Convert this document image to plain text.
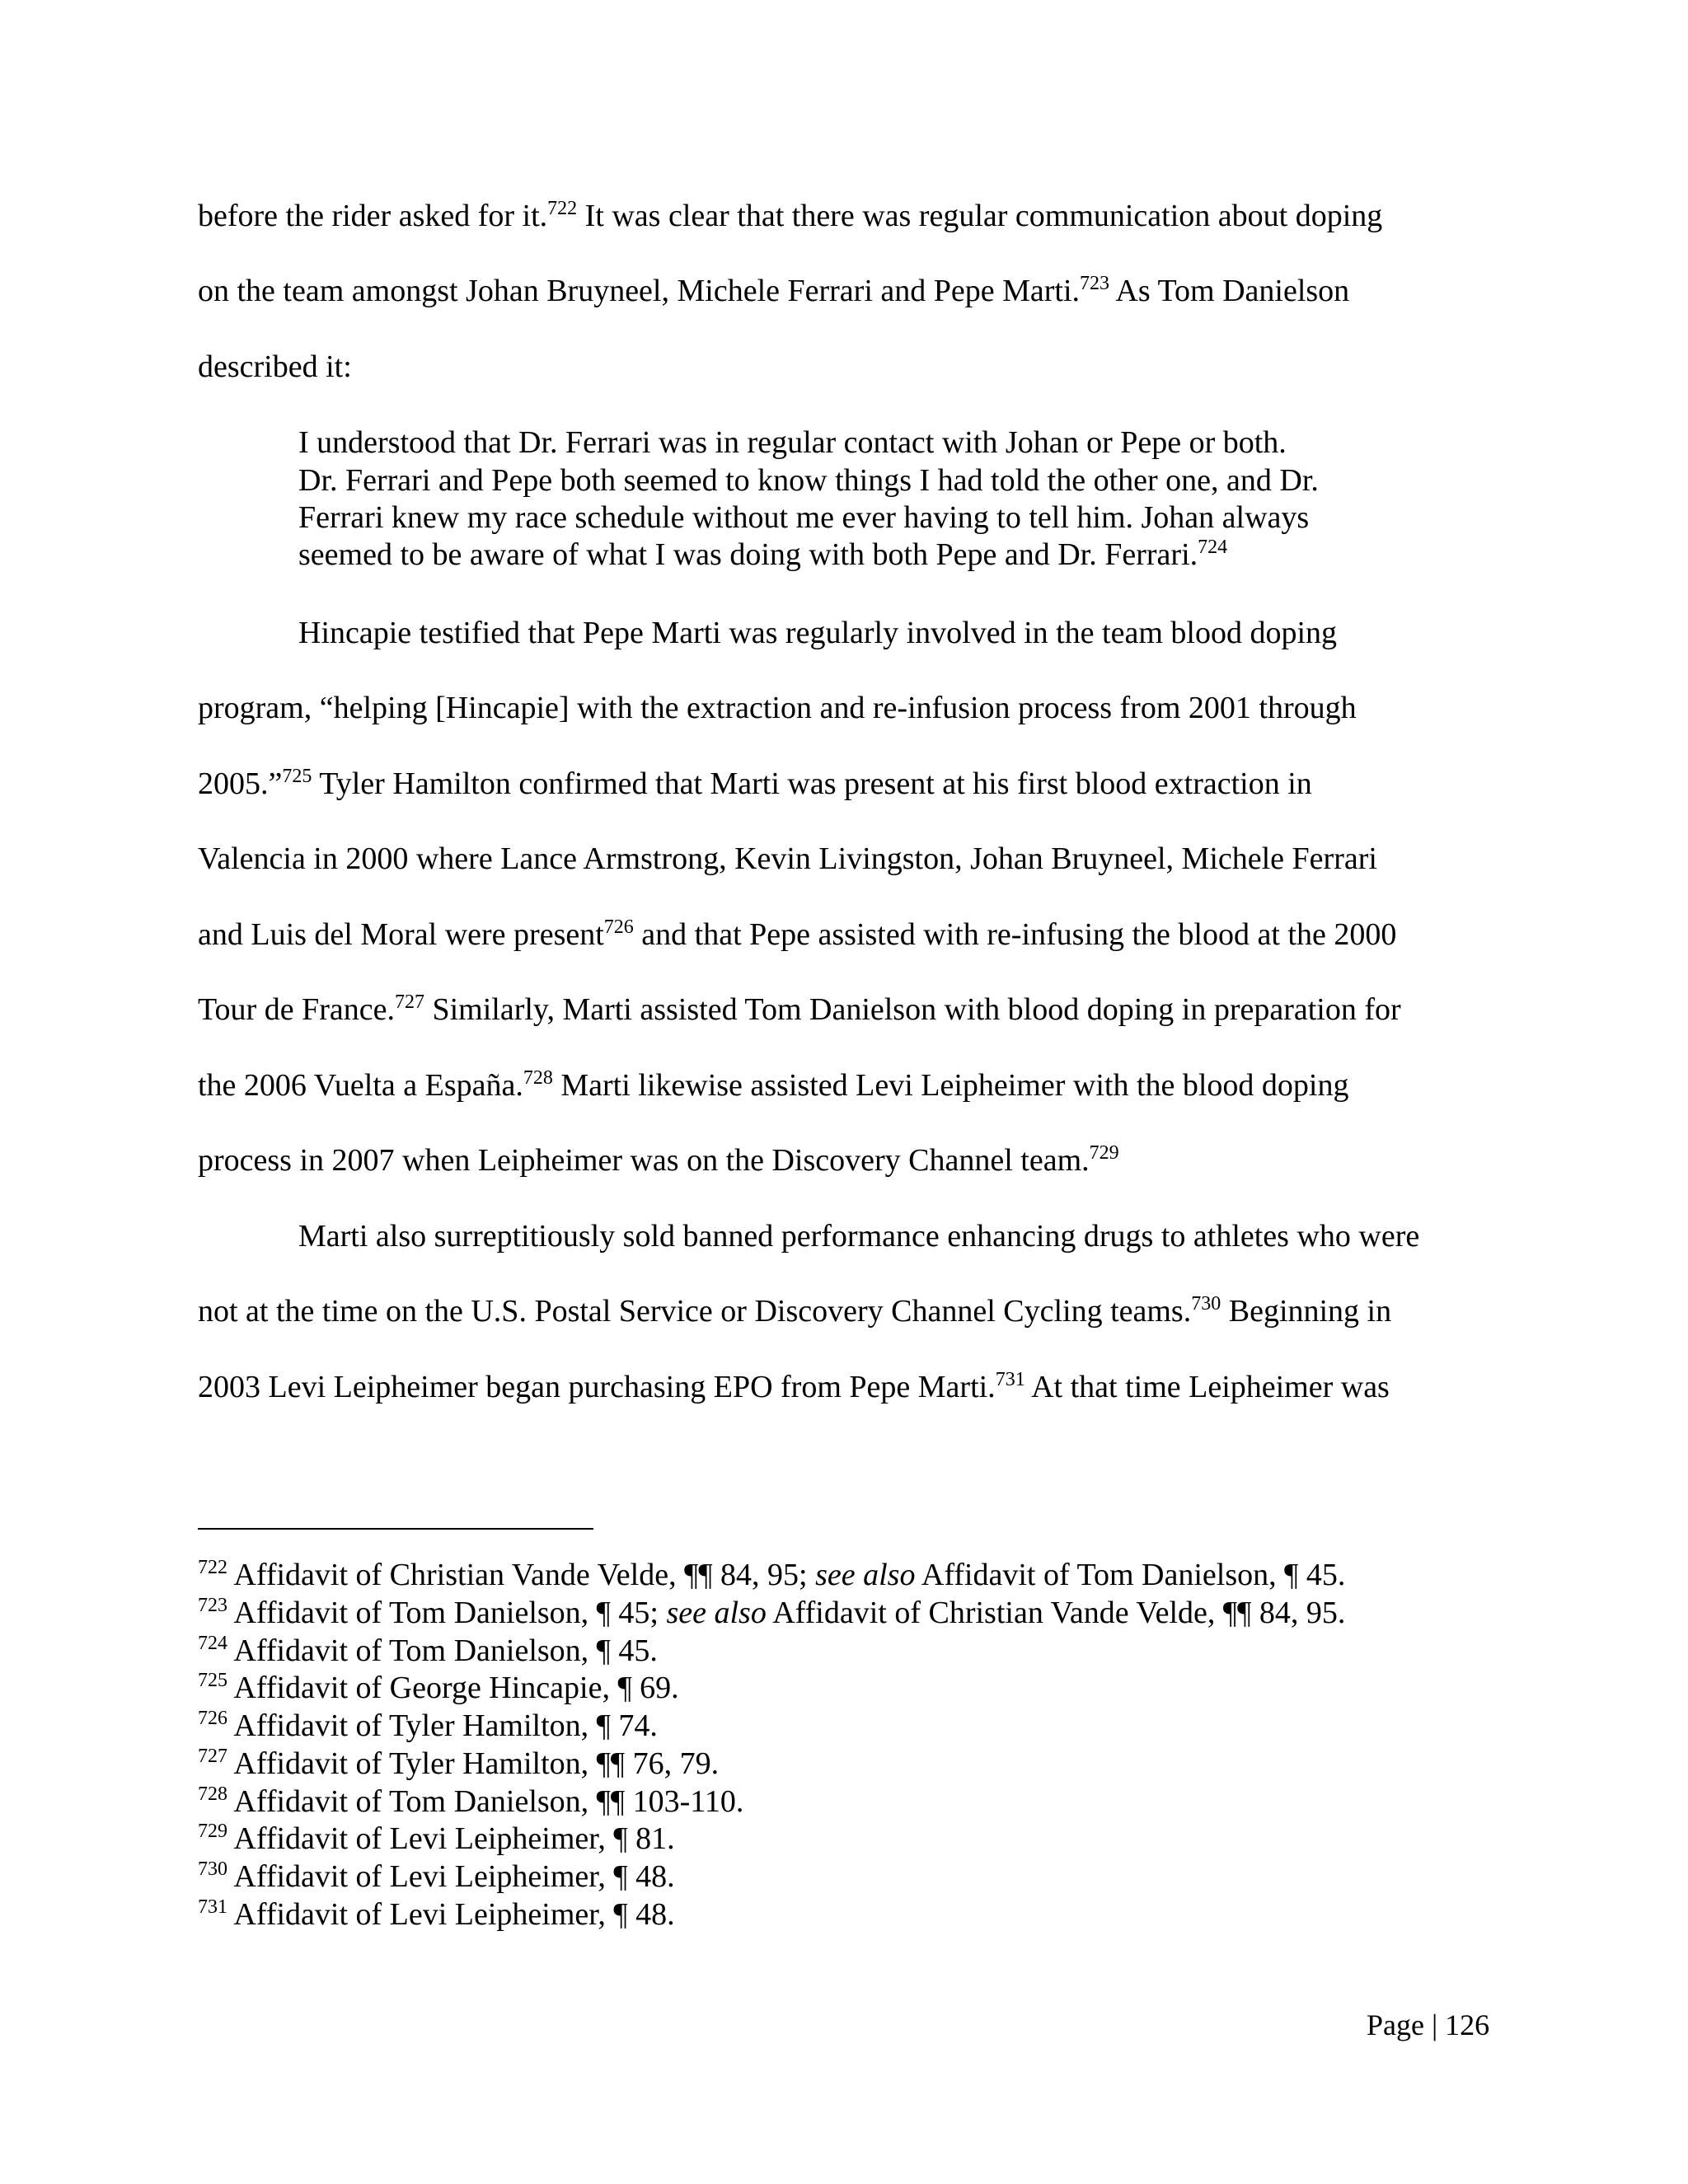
before the rider asked for it.$^{722}$ It was clear that there was regular communication about doping
on the team amongst Johan Bruyneel, Michele Ferrari and Pepe Marti.$^{723}$ As Tom Danielson
described it:
I understood that Dr. Ferrari was in regular contact with Johan or Pepe or both.
Dr. Ferrari and Pepe both seemed to know things I had told the other one, and Dr.
Ferrari knew my race schedule without me ever having to tell him. Johan always
seemed to be aware of what I was doing with both Pepe and Dr. Ferrari.$^{724}$
Hincapie testified that Pepe Marti was regularly involved in the team blood doping
program, “helping [Hincapie] with the extraction and re-infusion process from 2001 through
2005.”$^{725}$ Tyler Hamilton confirmed that Marti was present at his first blood extraction in
Valencia in 2000 where Lance Armstrong, Kevin Livingston, Johan Bruyneel, Michele Ferrari
and Luis del Moral were present$^{726}$ and that Pepe assisted with re-infusing the blood at the 2000
Tour de France.$^{727}$ Similarly, Marti assisted Tom Danielson with blood doping in preparation for
the 2006 Vuelta a España.$^{728}$ Marti likewise assisted Levi Leipheimer with the blood doping
process in 2007 when Leipheimer was on the Discovery Channel team.$^{729}$
Marti also surreptitiously sold banned performance enhancing drugs to athletes who were
not at the time on the U.S. Postal Service or Discovery Channel Cycling teams.$^{730}$ Beginning in
2003 Levi Leipheimer began purchasing EPO from Pepe Marti.$^{731}$ At that time Leipheimer was
$^{722}$ Affidavit of Christian Vande Velde, ¶¶ 84, 95; see also Affidavit of Tom Danielson, ¶ 45.
$^{723}$ Affidavit of Tom Danielson, ¶ 45; see also Affidavit of Christian Vande Velde, ¶¶ 84, 95.
$^{724}$ Affidavit of Tom Danielson, ¶ 45.
$^{725}$ Affidavit of George Hincapie, ¶ 69.
$^{726}$ Affidavit of Tyler Hamilton, ¶ 74.
$^{727}$ Affidavit of Tyler Hamilton, ¶¶ 76, 79.
$^{728}$ Affidavit of Tom Danielson, ¶¶ 103-110.
$^{729}$ Affidavit of Levi Leipheimer, ¶ 81.
$^{730}$ Affidavit of Levi Leipheimer, ¶ 48.
$^{731}$ Affidavit of Levi Leipheimer, ¶ 48.
Page | 126
